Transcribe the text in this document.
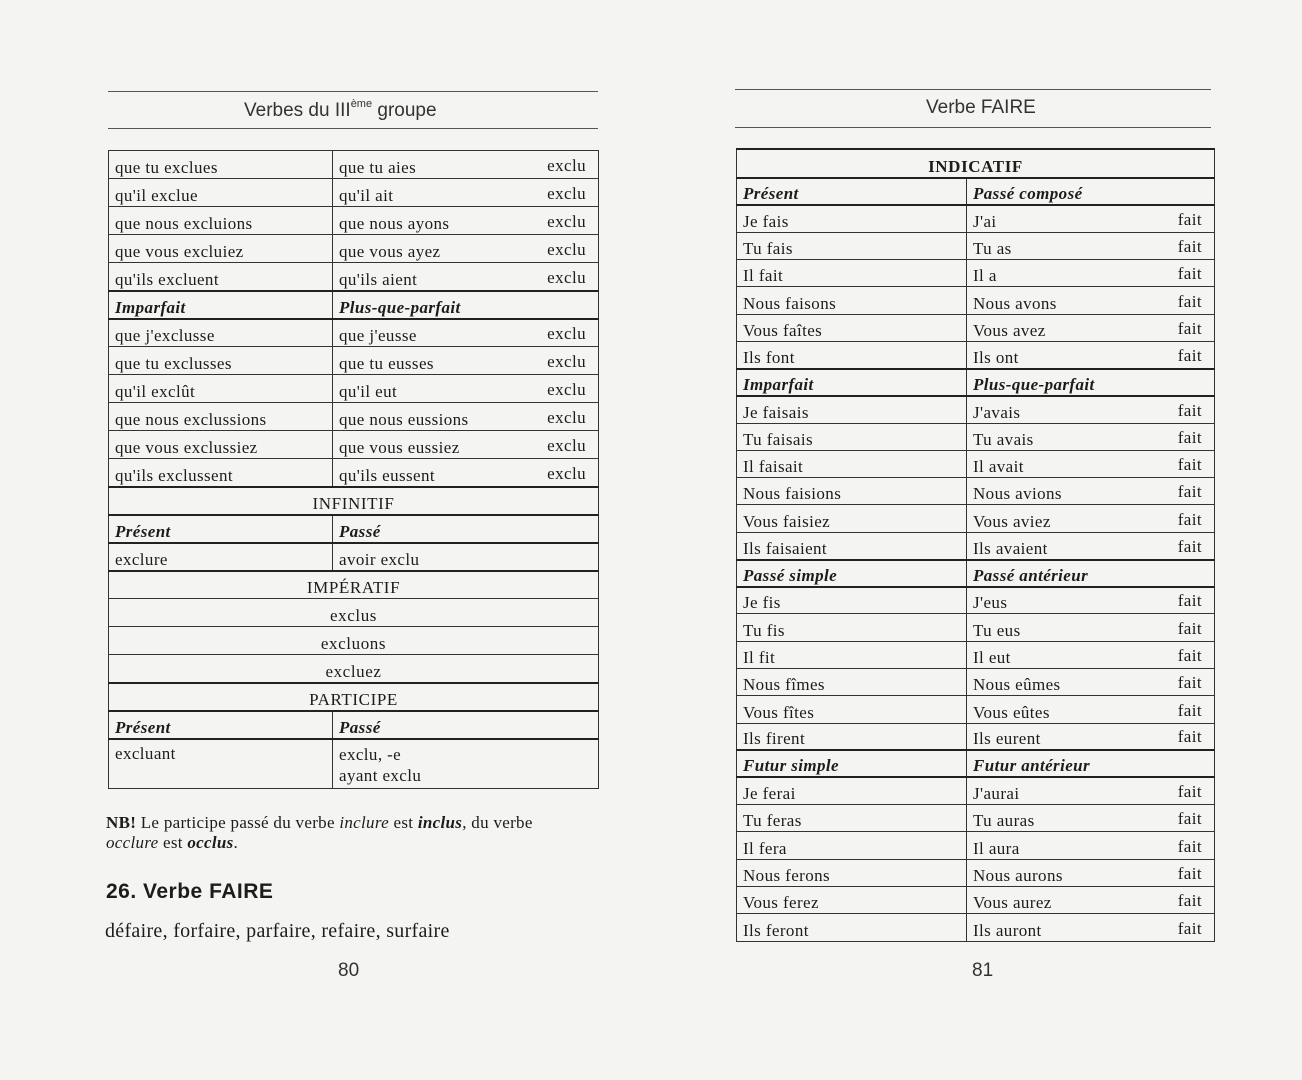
Verbes du IIIème groupe
que tu exclues	que tu aies exclu

qu'il exclue	qu'il ait exclu

que nous excluions	que nous ayons exclu

que vous excluiez	que vous ayez exclu

qu'ils excluent	qu'ils aient exclu

Imparfait	Plus-que-parfait
que j'exclusse	que j'eusse exclu

que tu exclusses	que tu eusses exclu

qu'il exclût	qu'il eut exclu

que nous exclussions	que nous eussions exclu

que vous exclussiez	que vous eussiez exclu

qu'ils exclussent	qu'ils eussent exclu

INFINITIF	
Présent	Passé
exclure	avoir exclu
IMPÉRATIF	
exclus	
excluons	
excluez	
PARTICIPE	
Présent	Passé
excluant	exclu, -e
ayant exclu
NB! Le participe passé du verbe inclure est inclus, du verbe
occlure est occlus.
26. Verbe FAIRE
défaire, forfaire, parfaire, refaire, surfaire
80
Verbe FAIRE
INDICATIF	
Présent	Passé composé
Je fais	J'ai fait

Tu fais	Tu as fait

Il fait	Il a fait

Nous faisons	Nous avons fait

Vous faîtes	Vous avez fait

Ils font	Ils ont fait

Imparfait	Plus-que-parfait
Je faisais	J'avais fait

Tu faisais	Tu avais fait

Il faisait	Il avait fait

Nous faisions	Nous avions fait

Vous faisiez	Vous aviez fait

Ils faisaient	Ils avaient fait

Passé simple	Passé antérieur
Je fis	J'eus fait

Tu fis	Tu eus fait

Il fit	Il eut fait

Nous fîmes	Nous eûmes fait

Vous fîtes	Vous eûtes fait

Ils firent	Ils eurent fait

Futur simple	Futur antérieur
Je ferai	J'aurai fait

Tu feras	Tu auras fait

Il fera	Il aura fait

Nous ferons	Nous aurons fait

Vous ferez	Vous aurez fait

Ils feront	Ils auront fait
81
